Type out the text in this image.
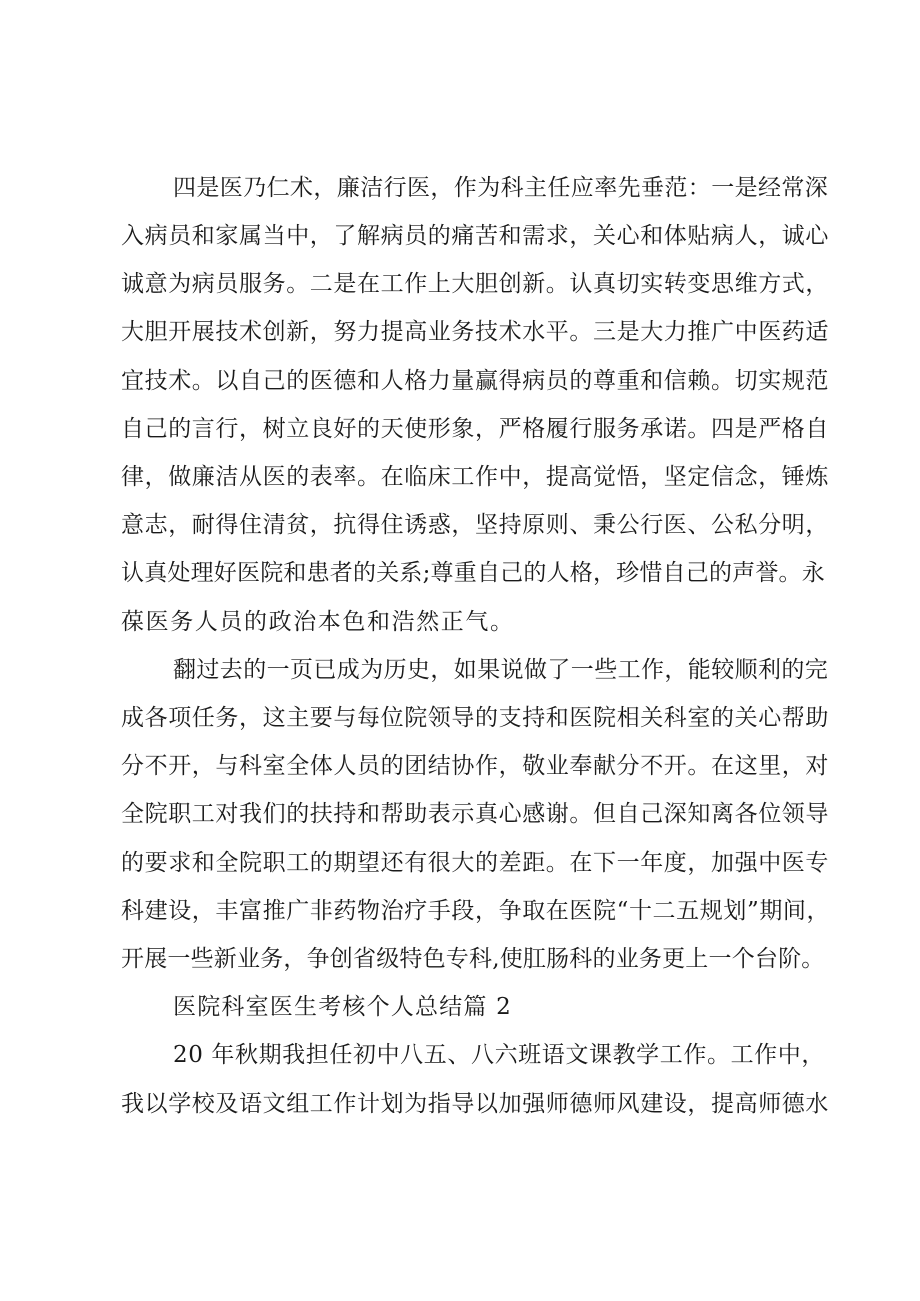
四是医乃仁术，廉洁行医，作为科主任应率先垂范：一是经常深
入病员和家属当中，了解病员的痛苦和需求，关心和体贴病人，诚心
诚意为病员服务。二是在工作上大胆创新。认真切实转变思维方式，
大胆开展技术创新，努力提高业务技术水平。三是大力推广中医药适
宜技术。以自己的医德和人格力量赢得病员的尊重和信赖。切实规范
自己的言行，树立良好的天使形象，严格履行服务承诺。四是严格自
律，做廉洁从医的表率。在临床工作中，提高觉悟，坚定信念，锤炼
意志，耐得住清贫，抗得住诱惑，坚持原则、秉公行医、公私分明，
认真处理好医院和患者的关系;尊重自己的人格，珍惜自己的声誉。永
葆医务人员的政治本色和浩然正气。
翻过去的一页已成为历史，如果说做了一些工作，能较顺利的完
成各项任务，这主要与每位院领导的支持和医院相关科室的关心帮助
分不开，与科室全体人员的团结协作，敬业奉献分不开。在这里，对
全院职工对我们的扶持和帮助表示真心感谢。但自己深知离各位领导
的要求和全院职工的期望还有很大的差距。在下一年度，加强中医专
科建设，丰富推广非药物治疗手段，争取在医院“十二五规划”期间，
开展一些新业务，争创省级特色专科,使肛肠科的业务更上一个台阶。
医院科室医生考核个人总结篇 2
20 年秋期我担任初中八五、八六班语文课教学工作。工作中，
我以学校及语文组工作计划为指导以加强师德师风建设，提高师德水
